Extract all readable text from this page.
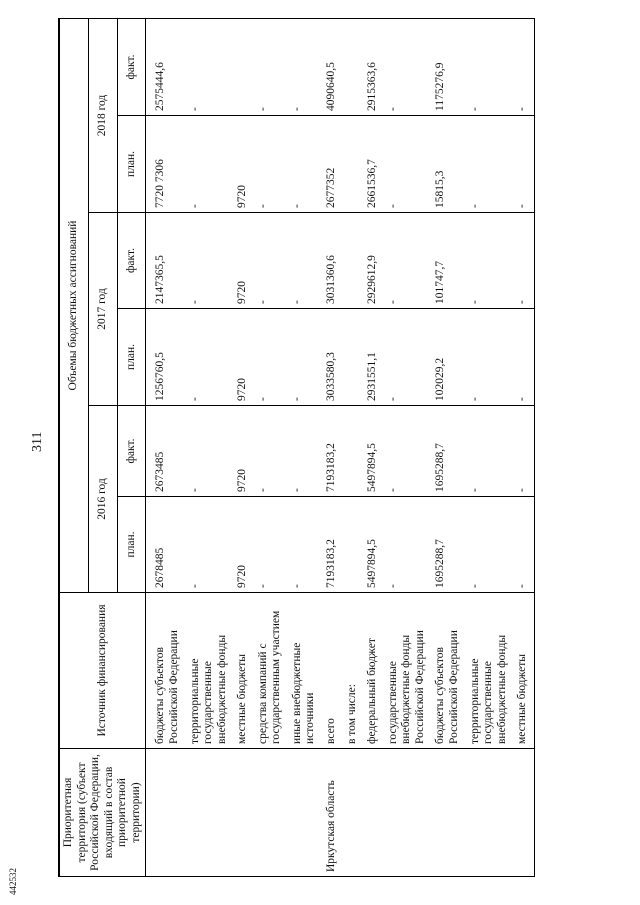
311
442532
Приоритетная территория (субъект Российской Федерации, входящий в состав приоритетной территории)	Источник финансирования	Объемы бюджетных ассигнований					
		2016 год		2017 год		2018 год	
		план.	факт.	план.	факт.	план.	факт.
	бюджеты субъектов Российской Федерации	2678485	2673485	1256760,5	2147365,5	7720 7306	2575444,6
	территориальные государственные внебюджетные фонды	-	-	-	-	-	-
	местные бюджеты	9720	9720	9720	9720	9720	
	средства компаний с государственным участием	-	-	-	-	-	-
	иные внебюджетные источники	-	-	-	-	-	-
Иркутская область	всего	7193183,2	7193183,2	3033580,3	3031360,6	2677352	4090640,5
	в том числе:						
	федеральный бюджет	5497894,5	5497894,5	2931551,1	2929612,9	2661536,7	2915363,6
	государственные внебюджетные фонды Российской Федерации	-	-	-	-	-	-
	бюджеты субъектов Российской Федерации	1695288,7	1695288,7	102029,2	101747,7	15815,3	1175276,9
	территориальные государственные внебюджетные фонды	-	-	-	-	-	-
	местные бюджеты	-	-	-	-	-	-
